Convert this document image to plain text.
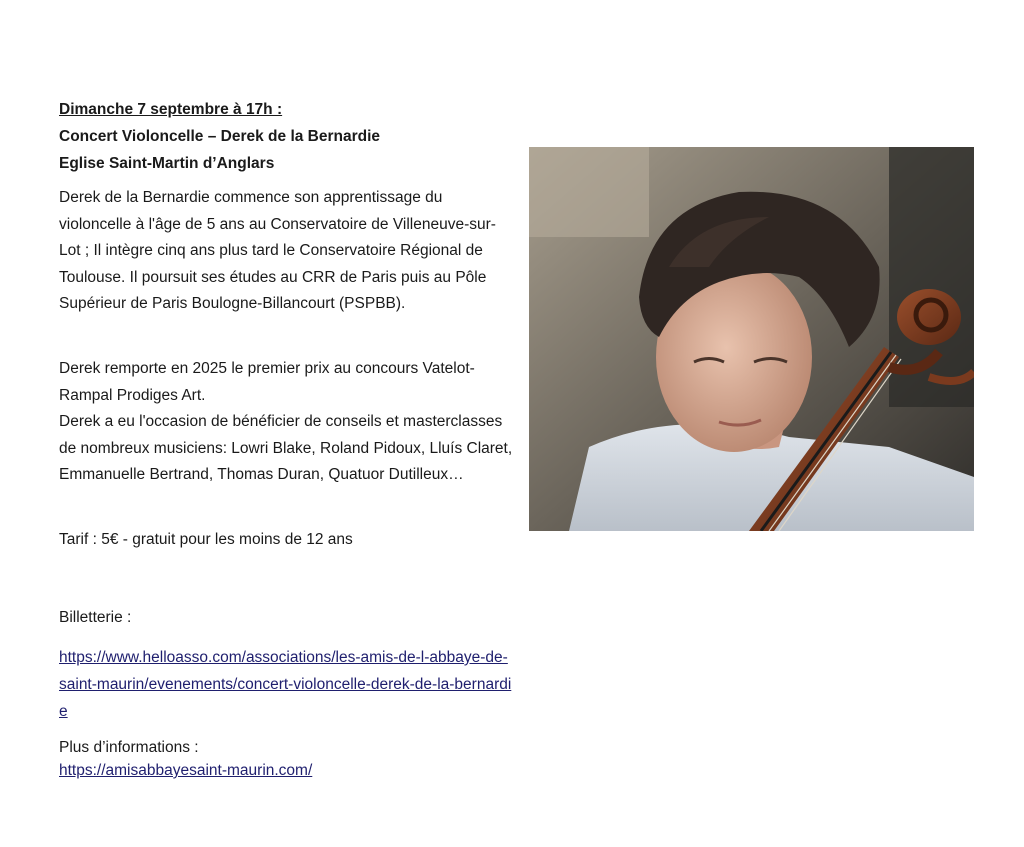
Dimanche 7 septembre à 17h :
Concert Violoncelle – Derek de la Bernardie
Eglise Saint-Martin d’Anglars

Derek de la Bernardie commence son apprentissage du violoncelle à l'âge de 5 ans au Conservatoire de Villeneuve-sur-Lot ; Il intègre cinq ans plus tard le Conservatoire Régional de Toulouse. Il poursuit ses études au CRR de Paris puis au Pôle Supérieur de Paris Boulogne-Billancourt (PSPBB).

Derek remporte en 2025 le premier prix au concours Vatelot-Rampal Prodiges Art.
Derek a eu l'occasion de bénéficier de conseils et masterclasses de nombreux musiciens: Lowri Blake, Roland Pidoux, Lluís Claret, Emmanuelle Bertrand, Thomas Duran, Quatuor Dutilleux…

Tarif : 5€ - gratuit pour les moins de 12 ans

Billetterie :

https://www.helloasso.com/associations/les-amis-de-l-abbaye-de-saint-maurin/evenements/concert-violoncelle-derek-de-la-bernardie

Plus d’informations :

https://amisabbayesaint-maurin.com/
